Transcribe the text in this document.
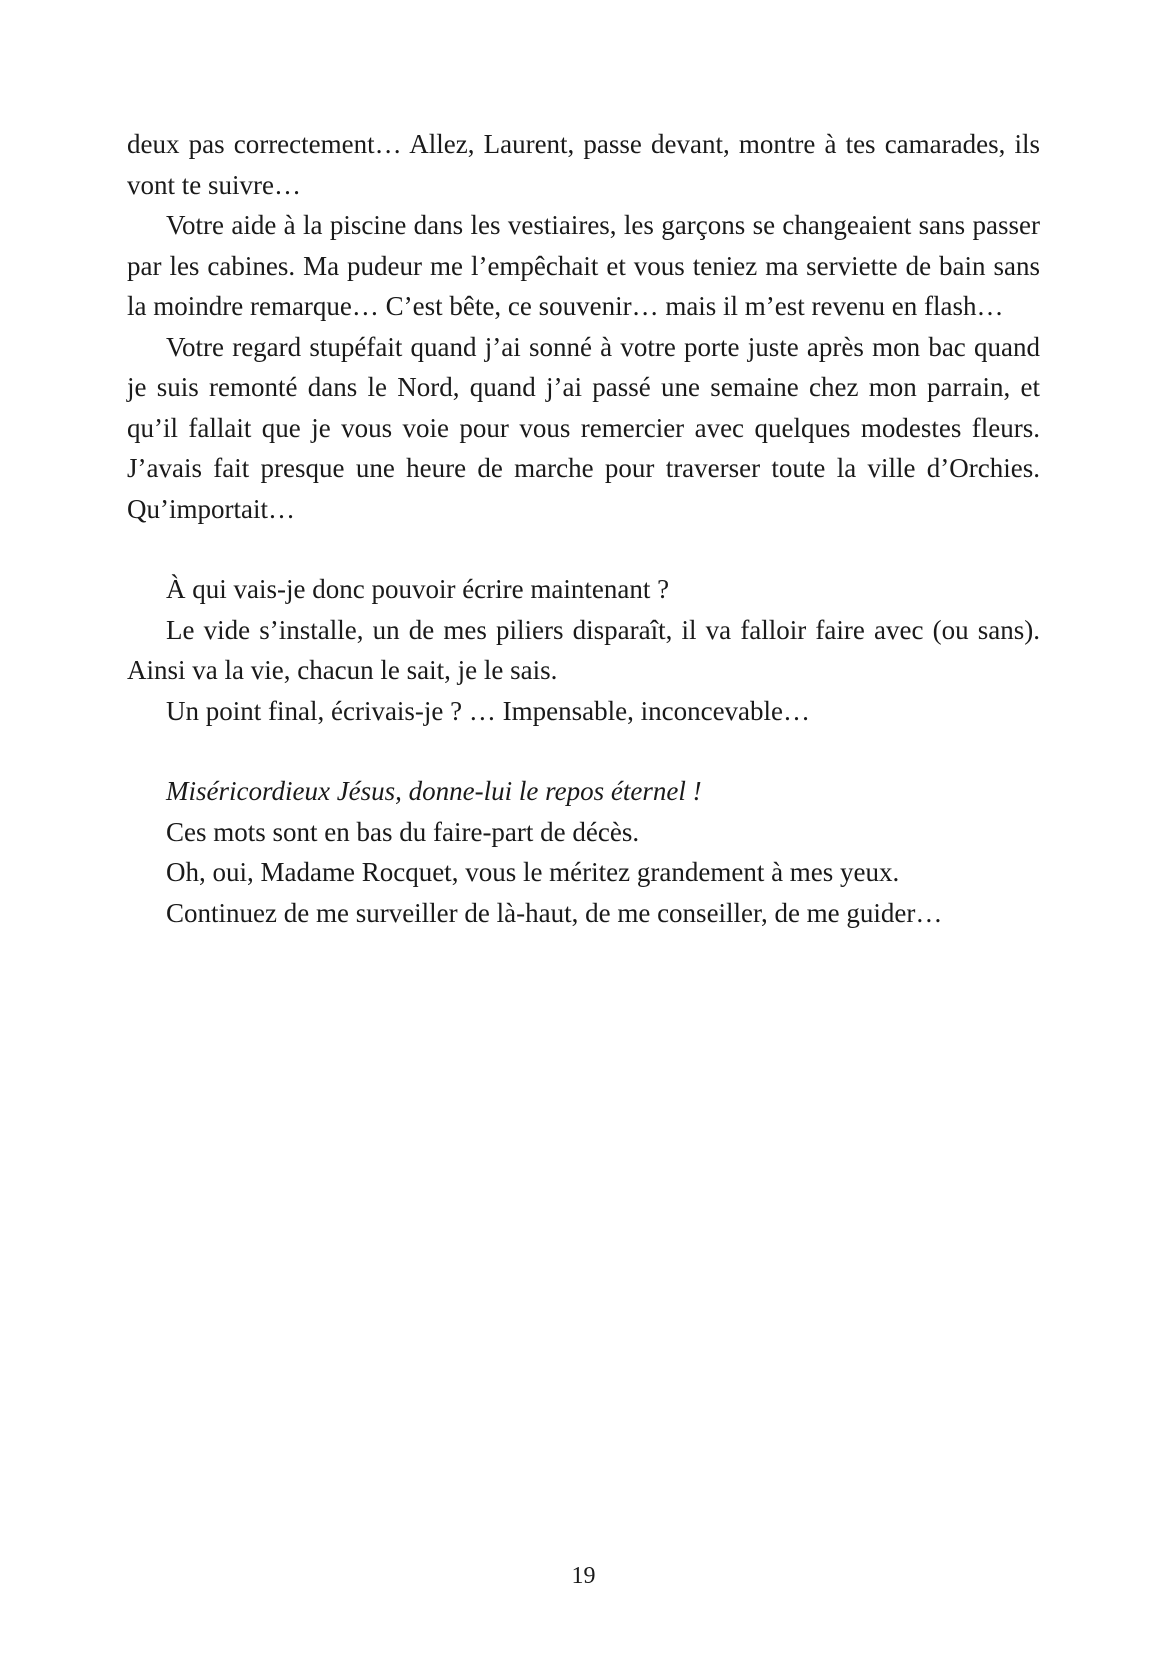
deux pas correctement… Allez, Laurent, passe devant, montre à tes camarades, ils vont te suivre…

Votre aide à la piscine dans les vestiaires, les garçons se changeaient sans passer par les cabines. Ma pudeur me l’empêchait et vous teniez ma serviette de bain sans la moindre remarque… C’est bête, ce souvenir… mais il m’est revenu en flash…

Votre regard stupéfait quand j’ai sonné à votre porte juste après mon bac quand je suis remonté dans le Nord, quand j’ai passé une semaine chez mon parrain, et qu’il fallait que je vous voie pour vous remercier avec quelques modestes fleurs. J’avais fait presque une heure de marche pour traverser toute la ville d’Orchies. Qu’importait…

À qui vais-je donc pouvoir écrire maintenant ?

Le vide s’installe, un de mes piliers disparaît, il va falloir faire avec (ou sans). Ainsi va la vie, chacun le sait, je le sais.

Un point final, écrivais-je ? … Impensable, inconcevable…

Miséricordieux Jésus, donne-lui le repos éternel !

Ces mots sont en bas du faire-part de décès.

Oh, oui, Madame Rocquet, vous le méritez grandement à mes yeux.

Continuez de me surveiller de là-haut, de me conseiller, de me guider…

19
